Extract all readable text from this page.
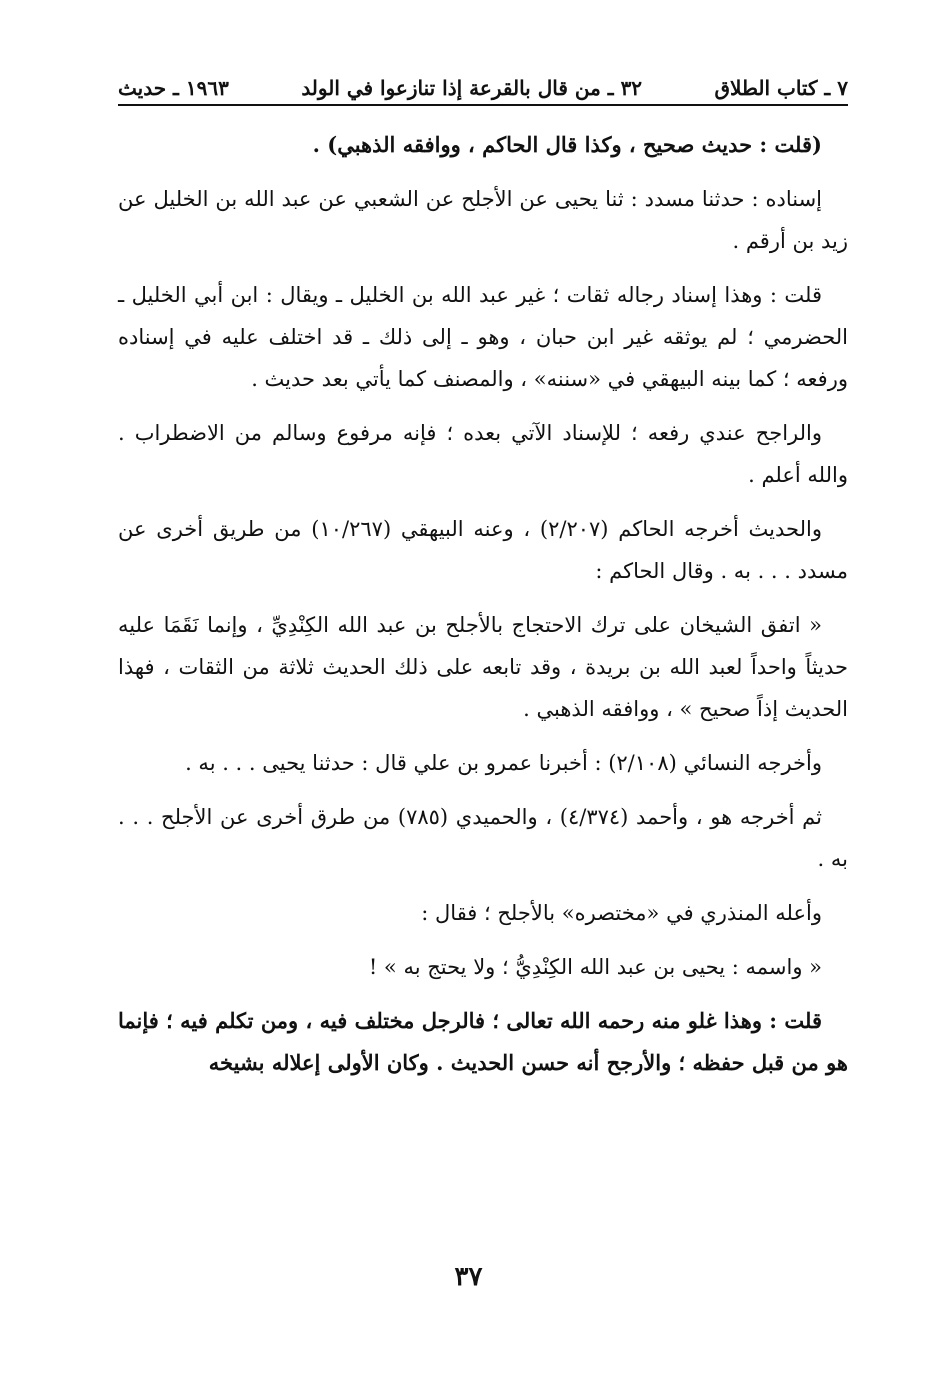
٧ ـ كتاب الطلاق
٣٢ ـ من قال بالقرعة إذا تنازعوا في الولد
١٩٦٣ ـ حديث

(قلت : حديث صحيح ، وكذا قال الحاكم ، ووافقه الذهبي) .

إسناده : حدثنا مسدد : ثنا يحيى عن الأجلح عن الشعبي عن عبد الله بن الخليل عن زيد بن أرقم .

قلت : وهذا إسناد رجاله ثقات ؛ غير عبد الله بن الخليل ـ ويقال : ابن أبي الخليل ـ الحضرمي ؛ لم يوثقه غير ابن حبان ، وهو ـ إلى ذلك ـ قد اختلف عليه في إسناده ورفعه ؛ كما بينه البيهقي في «سننه» ، والمصنف كما يأتي بعد حديث .

والراجح عندي رفعه ؛ للإسناد الآتي بعده ؛ فإنه مرفوع وسالم من الاضطراب . والله أعلم .

والحديث أخرجه الحاكم (٢/٢٠٧) ، وعنه البيهقي (١٠/٢٦٧) من طريق أخرى عن مسدد . . . به . وقال الحاكم :

« اتفق الشيخان على ترك الاحتجاج بالأجلح بن عبد الله الكِنْدِيِّ ، وإنما نَقَمَا عليه حديثاً واحداً لعبد الله بن بريدة ، وقد تابعه على ذلك الحديث ثلاثة من الثقات ، فهذا الحديث إذاً صحيح » ، ووافقه الذهبي .

وأخرجه النسائي (٢/١٠٨) : أخبرنا عمرو بن علي قال : حدثنا يحيى . . . به .

ثم أخرجه هو ، وأحمد (٤/٣٧٤) ، والحميدي (٧٨٥) من طرق أخرى عن الأجلح . . . به .

وأعله المنذري في «مختصره» بالأجلح ؛ فقال :

« واسمه : يحيى بن عبد الله الكِنْدِيُّ ؛ ولا يحتج به » !

قلت : وهذا غلو منه رحمه الله تعالى ؛ فالرجل مختلف فيه ، ومن تكلم فيه ؛ فإنما هو من قبل حفظه ؛ والأرجح أنه حسن الحديث . وكان الأولى إعلاله بشيخه

٣٧
